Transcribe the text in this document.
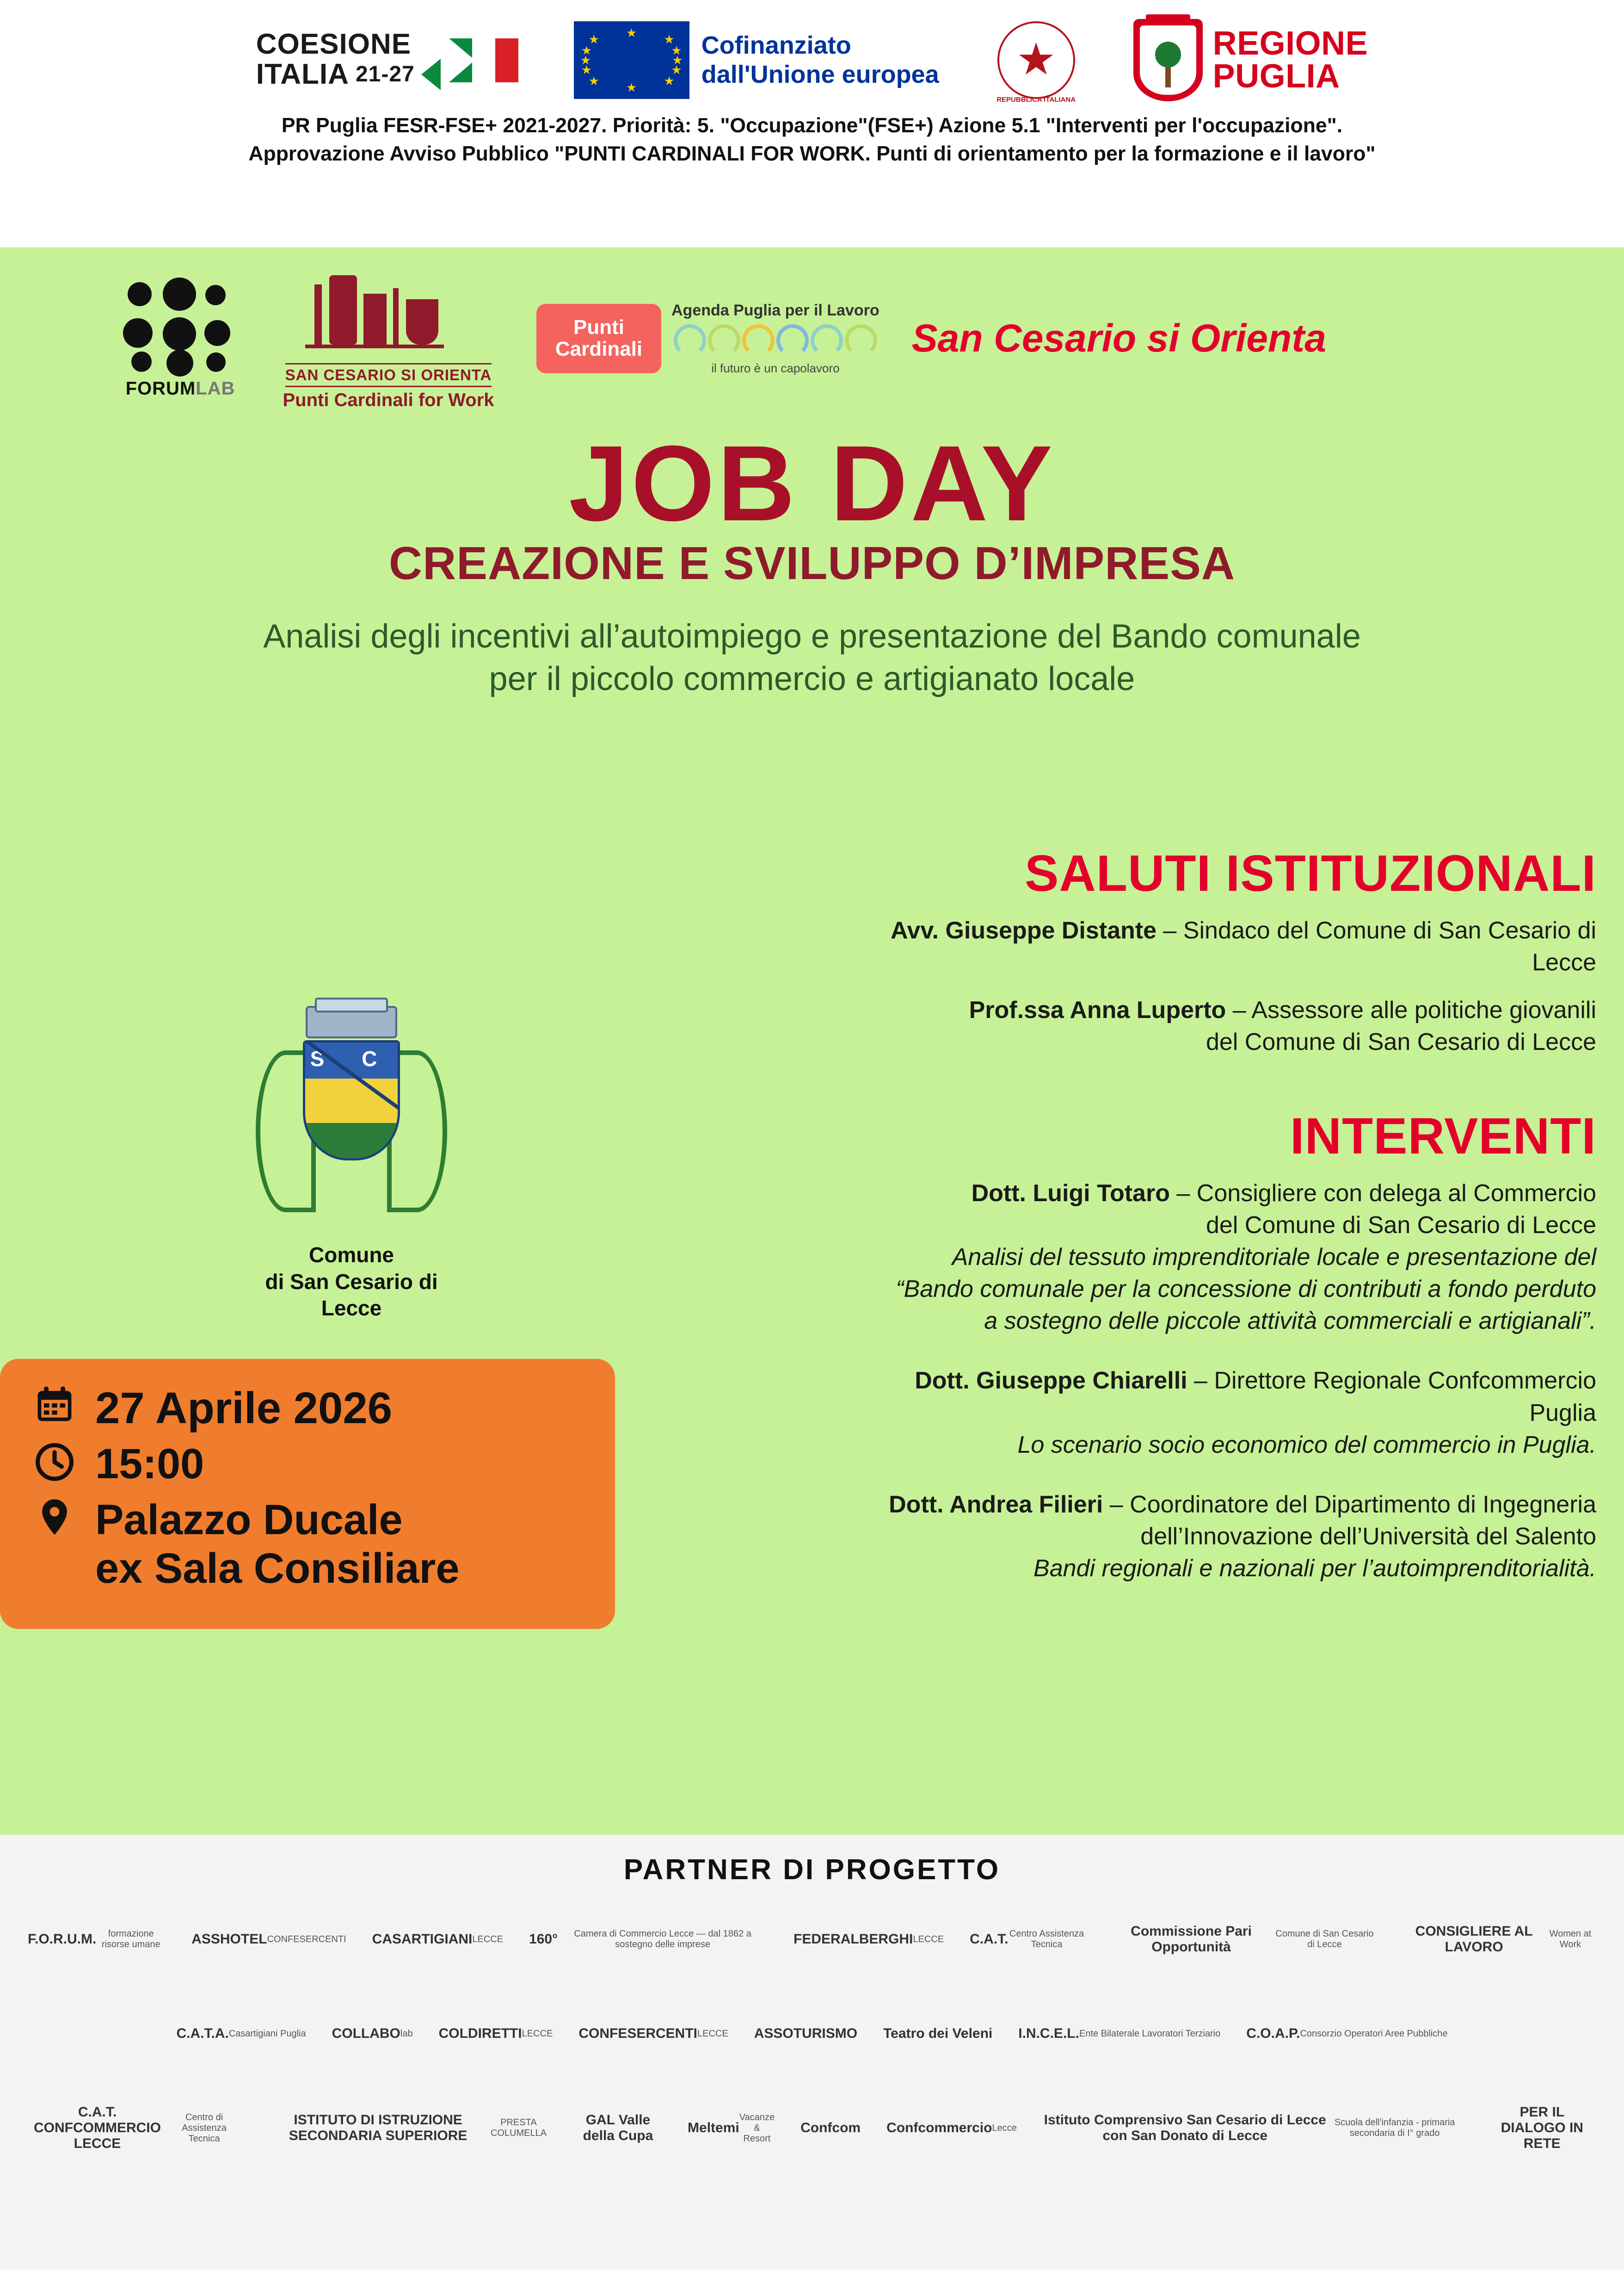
COESIONE
ITALIA 21-27
★
★
★	★
★	★
★	★
★	★
★	★
Cofinanziato
dall'Unione europea ★
REPUBBLICA ITALIANA
REGIONE
PUGLIA
PR Puglia FESR-FSE+ 2021-2027. Priorità: 5. "Occupazione"(FSE+) Azione 5.1 "Interventi per l'occupazione".
Approvazione Avviso Pubblico "PUNTI CARDINALI FOR WORK. Punti di orientamento per la formazione e il lavoro"
FORUMLAB
SAN CESARIO SI ORIENTA
Punti Cardinali for Work
Punti
Cardinali
Agenda Puglia per il Lavoro
il futuro è un capolavoro
San Cesario si Orienta
JOB DAY
CREAZIONE E SVILUPPO D’IMPRESA
Analisi degli incentivi all’autoimpiego e presentazione del Bando comunale
per il piccolo commercio e artigianato locale
S C
Comune
di San Cesario di Lecce
27 Aprile 2026
15:00
Palazzo Ducale
ex Sala Consiliare
SALUTI ISTITUZIONALI
Avv. Giuseppe Distante – Sindaco del Comune di San Cesario di Lecce
Prof.ssa Anna Luperto – Assessore alle politiche giovanili
del Comune di San Cesario di Lecce
INTERVENTI
Dott. Luigi Totaro – Consigliere con delega al Commercio
del Comune di San Cesario di Lecce
Analisi del tessuto imprenditoriale locale e presentazione del
“Bando comunale per la concessione di contributi a fondo perduto
a sostegno delle piccole attività commerciali e artigianali”.
Dott. Giuseppe Chiarelli – Direttore Regionale Confcommercio Puglia
Lo scenario socio economico del commercio in Puglia.
Dott. Andrea Filieri – Coordinatore del Dipartimento di Ingegneria
dell’Innovazione dell’Università del Salento
Bandi regionali e nazionali per l’autoimprenditorialità.
PARTNER DI PROGETTO
F.O.R.U.M.	formazione risorse umane	ASSHOTEL CONFESERCENTI CASARTIGIANI LECCE 160°	Camera di Commercio Lecce — dal 1862 a sostegno delle imprese	FEDERALBERGHI LECCE C.A.T. Centro Assistenza Tecnica
Commissione Pari Opportunità
Comune di San Cesario di Lecce
CONSIGLIERE AL LAVORO
Women at Work
C.A.T.A. Casartigiani Puglia COLLABO lab COLDIRETTI LECCE CONFESERCENTI LECCE ASSOTURISMO Teatro dei Veleni I.N.C.E.L. Ente Bilaterale Lavoratori Terziario C.O.A.P. Consorzio Operatori Aree Pubbliche
C.A.T. CONFCOMMERCIO LECCE
Centro di Assistenza Tecnica
ISTITUTO DI ISTRUZIONE SECONDARIA SUPERIORE
PRESTA COLUMELLA
GAL Valle della Cupa
Meltemi
Vacanze & Resort
Confcom Confcommercio Lecce
Istituto Comprensivo San Cesario di Lecce con San Donato di Lecce
Scuola dell'infanzia - primaria secondaria di I° grado
PER IL DIALOGO IN RETE
